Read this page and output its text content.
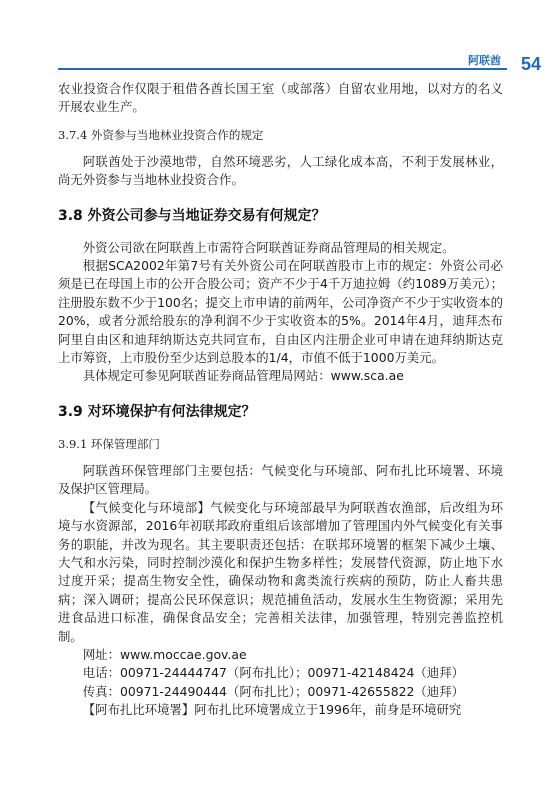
阿联酋 54

农业投资合作仅限于租借各酋长国王室（或部落）自留农业用地，以对方的名义开展农业生产。

3.7.4 外资参与当地林业投资合作的规定

阿联酋处于沙漠地带，自然环境恶劣，人工绿化成本高，不利于发展林业，尚无外资参与当地林业投资合作。

3.8 外资公司参与当地证券交易有何规定？

外资公司欲在阿联酋上市需符合阿联酋证券商品管理局的相关规定。

根据SCA2002年第7号有关外资公司在阿联酋股市上市的规定：外资公司必须是已在母国上市的公开合股公司；资产不少于4千万迪拉姆（约1089万美元）；注册股东数不少于100名；提交上市申请的前两年，公司净资产不少于实收资本的20%，或者分派给股东的净利润不少于实收资本的5%。2014年4月，迪拜杰布阿里自由区和迪拜纳斯达克共同宣布，自由区内注册企业可申请在迪拜纳斯达克上市筹资，上市股份至少达到总股本的1/4，市值不低于1000万美元。

具体规定可参见阿联酋证券商品管理局网站：www.sca.ae

3.9 对环境保护有何法律规定？

3.9.1 环保管理部门

阿联酋环保管理部门主要包括：气候变化与环境部、阿布扎比环境署、环境及保护区管理局。

【气候变化与环境部】气候变化与环境部最早为阿联酋农渔部，后改组为环境与水资源部，2016年初联邦政府重组后该部增加了管理国内外气候变化有关事务的职能，并改为现名。其主要职责还包括：在联邦环境署的框架下减少土壤、大气和水污染，同时控制沙漠化和保护生物多样性；发展替代资源，防止地下水过度开采；提高生物安全性，确保动物和禽类流行疾病的预防，防止人畜共患病；深入调研；提高公民环保意识；规范捕鱼活动，发展水生生物资源；采用先进食品进口标准，确保食品安全；完善相关法律，加强管理，特别完善监控机制。

网址：www.moccae.gov.ae

电话：00971-24444747（阿布扎比）；00971-42148424（迪拜）

传真：00971-24490444（阿布扎比）；00971-42655822（迪拜）

【阿布扎比环境署】阿布扎比环境署成立于1996年，前身是环境研究
